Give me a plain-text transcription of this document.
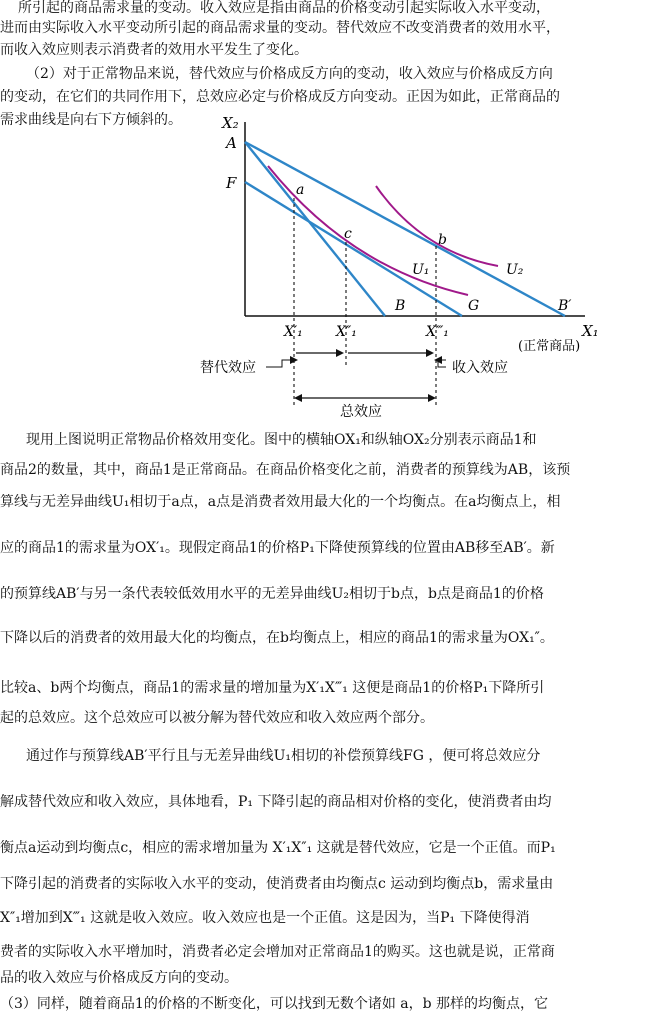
所引起的商品需求量的变动。收入效应是指由商品的价格变动引起实际收入水平变动，
进而由实际收入水平变动所引起的商品需求量的变动。替代效应不改变消费者的效用水平，
而收入效应则表示消费者的效用水平发生了变化。
（2）对于正常物品来说，替代效应与价格成反方向的变动，收入效应与价格成反方向
的变动，在它们的共同作用下，总效应必定与价格成反方向变动。正因为如此，正常商品的
需求曲线是向右下方倾斜的。	X₂
X₁
(正常商品)
A
F	a
c	b
B	G	B′
U₁	U₂
X′₁ X″₁	X‴₁
替代效应	收入效应
总效应
现用上图说明正常物品价格效用变化。图中的横轴OX₁和纵轴OX₂分别表示商品1和
商品2的数量，其中，商品1是正常商品。在商品价格变化之前，消费者的预算线为AB，该预
算线与无差异曲线U₁相切于a点，a点是消费者效用最大化的一个均衡点。在a均衡点上，相
应的商品1的需求量为OX′₁。现假定商品1的价格P₁下降使预算线的位置由AB移至AB′。新
的预算线AB′与另一条代表较低效用水平的无差异曲线U₂相切于b点，b点是商品1的价格
下降以后的消费者的效用最大化的均衡点，在b均衡点上，相应的商品1的需求量为OX₁″。
比较a、b两个均衡点，商品1的需求量的增加量为X′₁X‴₁ 这便是商品1的价格P₁下降所引
起的总效应。这个总效应可以被分解为替代效应和收入效应两个部分。
通过作与预算线AB′平行且与无差异曲线U₁相切的补偿预算线FG ，便可将总效应分
解成替代效应和收入效应，具体地看，P₁ 下降引起的商品相对价格的变化，使消费者由均
衡点a运动到均衡点c，相应的需求增加量为 X′₁X″₁ 这就是替代效应，它是一个正值。而P₁
下降引起的消费者的实际收入水平的变动，使消费者由均衡点c 运动到均衡点b，需求量由
X″₁增加到X‴₁ 这就是收入效应。收入效应也是一个正值。这是因为，当P₁ 下降使得消
费者的实际收入水平增加时，消费者必定会增加对正常商品1的购买。这也就是说，正常商
品的收入效应与价格成反方向的变动。
（3）同样，随着商品1的价格的不断变化，可以找到无数个诸如 a，b 那样的均衡点，它
